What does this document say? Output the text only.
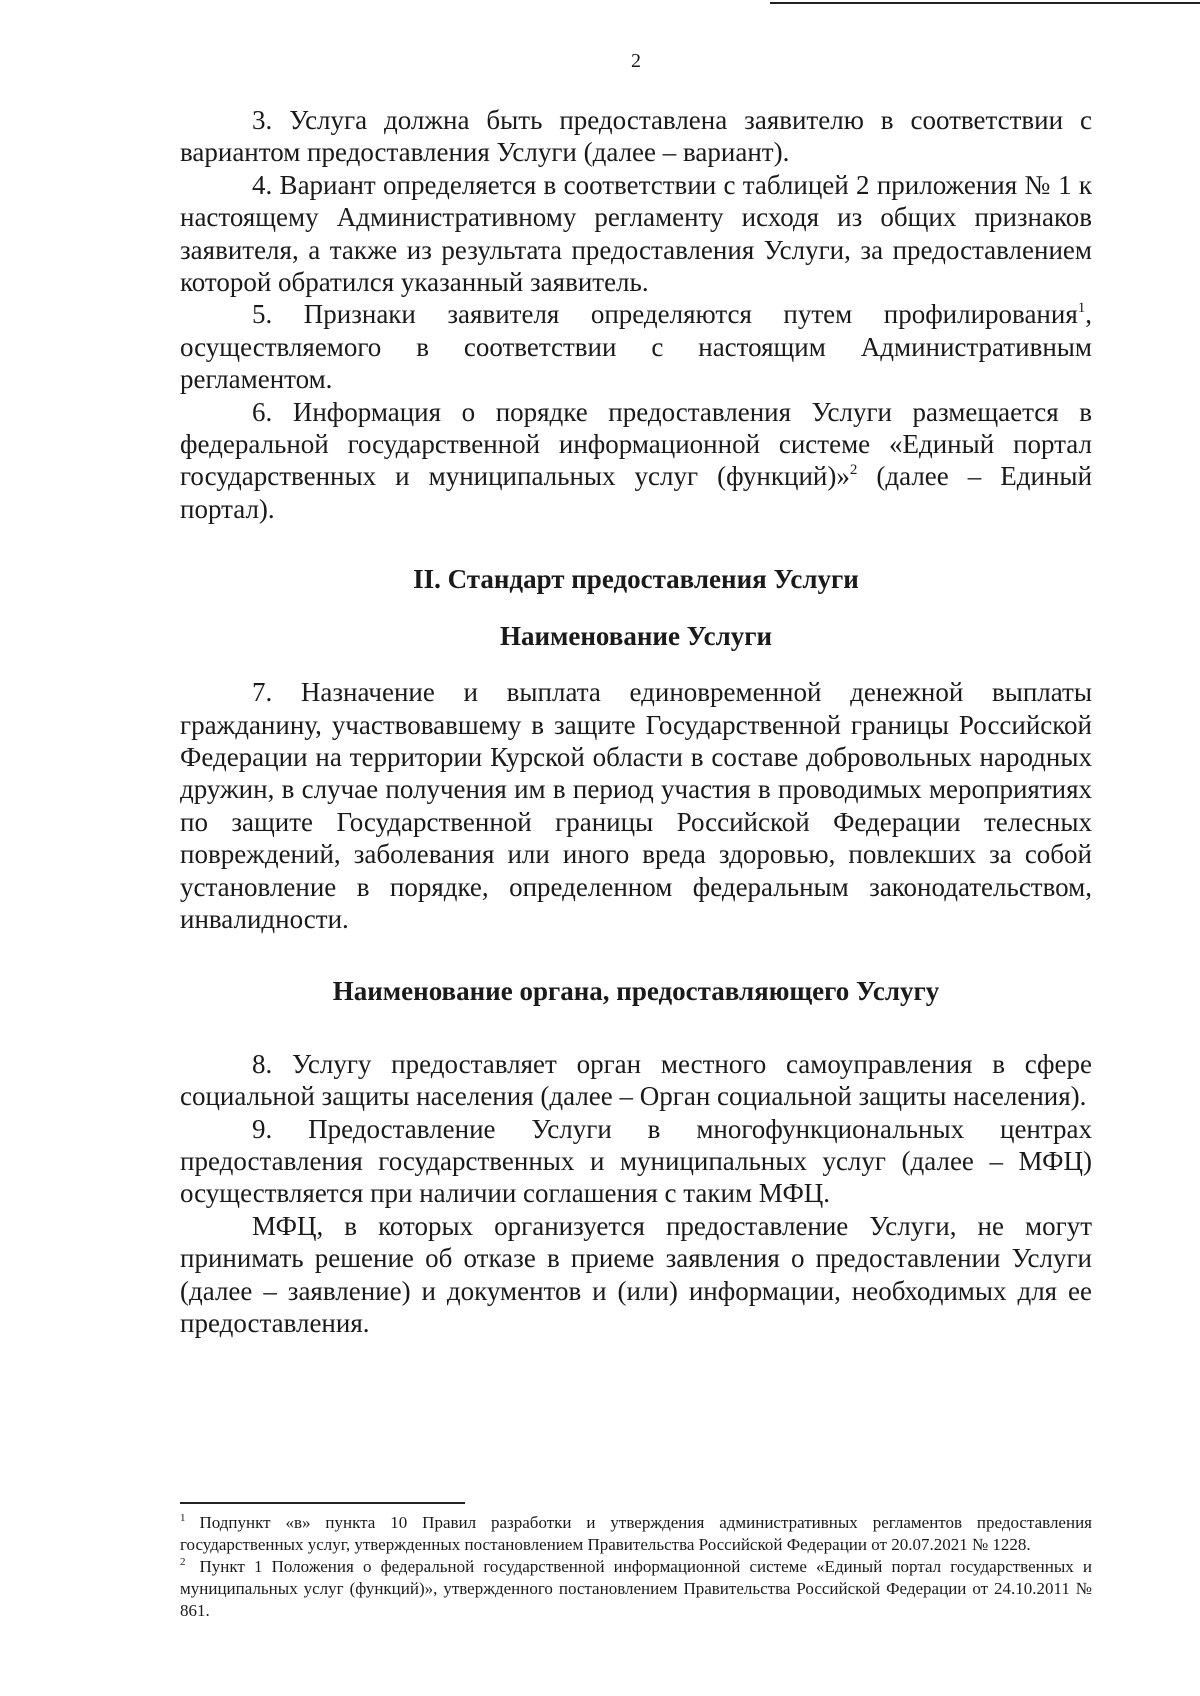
2

3. Услуга должна быть предоставлена заявителю в соответствии с вариантом предоставления Услуги (далее – вариант).

4. Вариант определяется в соответствии с таблицей 2 приложения № 1 к настоящему Административному регламенту исходя из общих признаков заявителя, а также из результата предоставления Услуги, за предоставлением которой обратился указанный заявитель.

5. Признаки заявителя определяются путем профилирования$^1$, осуществляемого в соответствии с настоящим Административным регламентом.

6. Информация о порядке предоставления Услуги размещается в федеральной государственной информационной системе «Единый портал государственных и муниципальных услуг (функций)»$^2$ (далее – Единый портал).

II. Стандарт предоставления Услуги

Наименование Услуги

7. Назначение и выплата единовременной денежной выплаты гражданину, участвовавшему в защите Государственной границы Российской Федерации на территории Курской области в составе добровольных народных дружин, в случае получения им в период участия в проводимых мероприятиях по защите Государственной границы Российской Федерации телесных повреждений, заболевания или иного вреда здоровью, повлекших за собой установление в порядке, определенном федеральным законодательством, инвалидности.

Наименование органа, предоставляющего Услугу

8. Услугу предоставляет орган местного самоуправления в сфере социальной защиты населения (далее – Орган социальной защиты населения).

9. Предоставление Услуги в многофункциональных центрах предоставления государственных и муниципальных услуг (далее – МФЦ) осуществляется при наличии соглашения с таким МФЦ.

МФЦ, в которых организуется предоставление Услуги, не могут принимать решение об отказе в приеме заявления о предоставлении Услуги (далее – заявление) и документов и (или) информации, необходимых для ее предоставления.

$^1$ Подпункт «в» пункта 10 Правил разработки и утверждения административных регламентов предоставления государственных услуг, утвержденных постановлением Правительства Российской Федерации от 20.07.2021 № 1228.

$^2$ Пункт 1 Положения о федеральной государственной информационной системе «Единый портал государственных и муниципальных услуг (функций)», утвержденного постановлением Правительства Российской Федерации от 24.10.2011 № 861.
